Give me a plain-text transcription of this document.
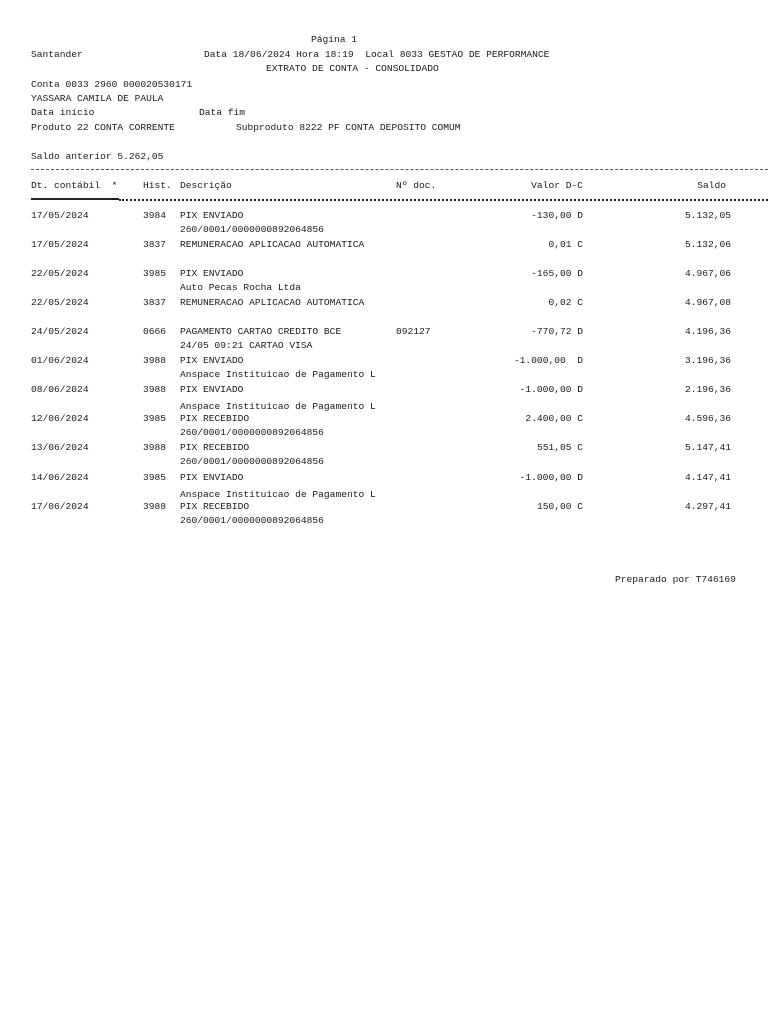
Página 1
Santander	Data 18/06/2024 Hora 18:19  Local 8033 GESTAO DE PERFORMANCE
EXTRATO DE CONTA - CONSOLIDADO
Conta 0033 2960 000020530171
YASSARA CAMILA DE PAULA
Data início	Data fim
Produto 22 CONTA CORRENTE	Subproduto 8222 PF CONTA DEPOSITO COMUM
Saldo anterior 5.262,05
Dt. contábil  *	Hist. Descrição	Nº doc.	Valor D-C	Saldo
17/05/2024	3984 PIX ENVIADO	-130,00 D	5.132,05
260/0001/0000000892064856
17/05/2024	3837 REMUNERACAO APLICACAO AUTOMATICA	0,01 C	5.132,06
22/05/2024	3985 PIX ENVIADO	-165,00 D	4.967,06
Auto Pecas Rocha Ltda
22/05/2024	3837 REMUNERACAO APLICACAO AUTOMATICA	0,02 C	4.967,08
24/05/2024	0666 PAGAMENTO CARTAO CREDITO BCE	092127	-770,72 D	4.196,36
24/05 09:21 CARTAO VISA
01/06/2024	3988 PIX ENVIADO	-1.000,00  D	3.196,36
Anspace Instituicao de Pagamento L
08/06/2024	3988 PIX ENVIADO	-1.000,00 D	2.196,36
Anspace Instituicao de Pagamento L
12/06/2024	3985 PIX RECEBIDO	2.400,00 C	4.596,36
260/0001/0000000892064856
13/06/2024	3988 PIX RECEBIDO	551,05 C	5.147,41
260/0001/0000000892064856
14/06/2024	3985 PIX ENVIADO	-1.000,00 D	4.147,41
Anspace Instituicao de Pagamento L
17/06/2024	3988 PIX RECEBIDO	150,00 C	4.297,41
260/0001/0000000892064856
Preparado por T746169
